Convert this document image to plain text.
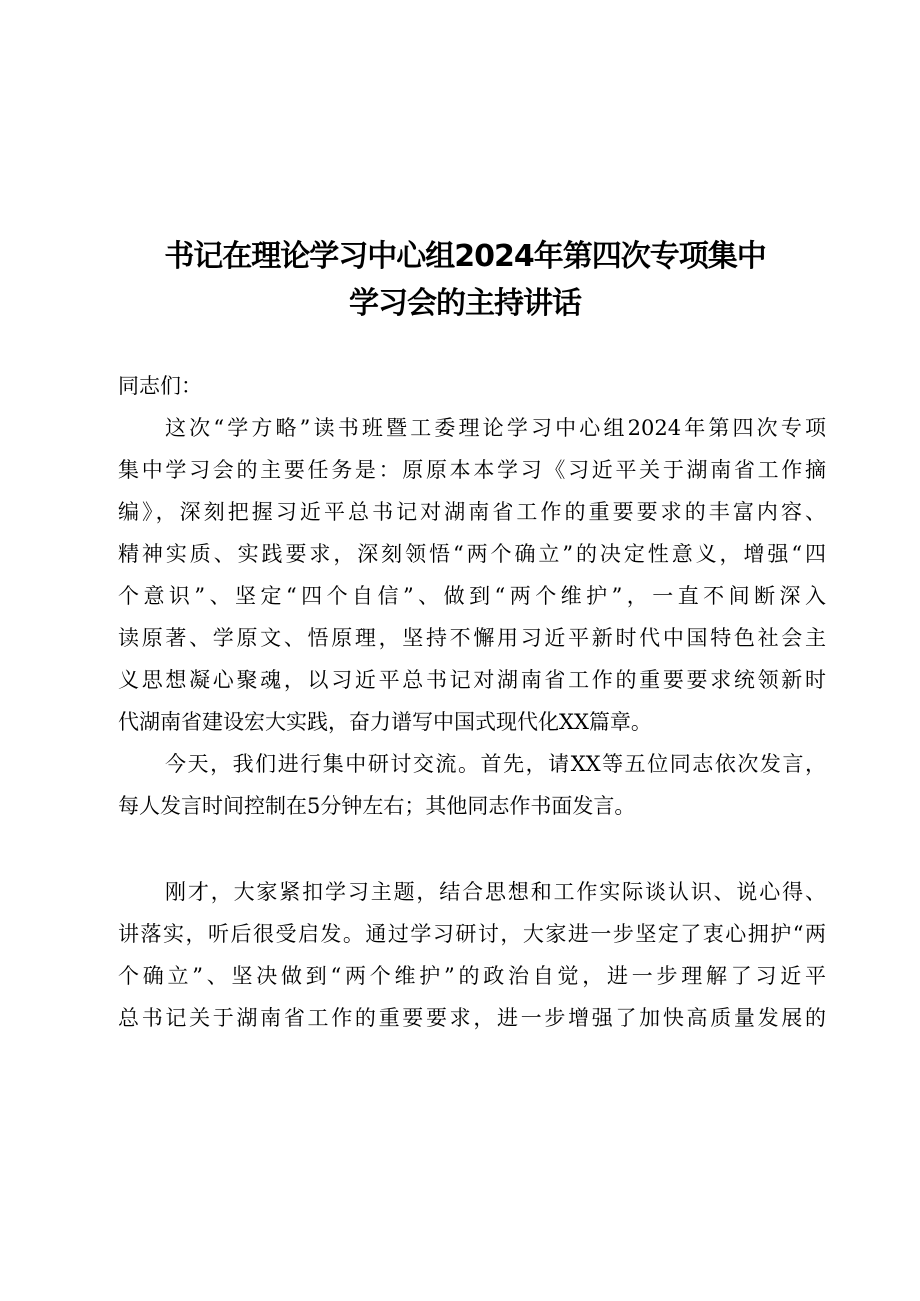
书记在理论学习中心组2024年第四次专项集中
学习会的主持讲话

同志们：

这次“学方略”读书班暨工委理论学习中心组2024年第四次专项

集中学习会的主要任务是：原原本本学习《习近平关于湖南省工作摘

编》，深刻把握习近平总书记对湖南省工作的重要要求的丰富内容、

精神实质、实践要求，深刻领悟“两个确立”的决定性意义，增强“四

个意识”、坚定“四个自信”、做到“两个维护”，一直不间断深入

读原著、学原文、悟原理，坚持不懈用习近平新时代中国特色社会主

义思想凝心聚魂，以习近平总书记对湖南省工作的重要要求统领新时

代湖南省建设宏大实践，奋力谱写中国式现代化XX篇章。

今天，我们进行集中研讨交流。首先，请XX等五位同志依次发言，

每人发言时间控制在5分钟左右；其他同志作书面发言。

刚才，大家紧扣学习主题，结合思想和工作实际谈认识、说心得、

讲落实，听后很受启发。通过学习研讨，大家进一步坚定了衷心拥护“两

个确立”、坚决做到“两个维护”的政治自觉，进一步理解了习近平

总书记关于湖南省工作的重要要求，进一步增强了加快高质量发展的
